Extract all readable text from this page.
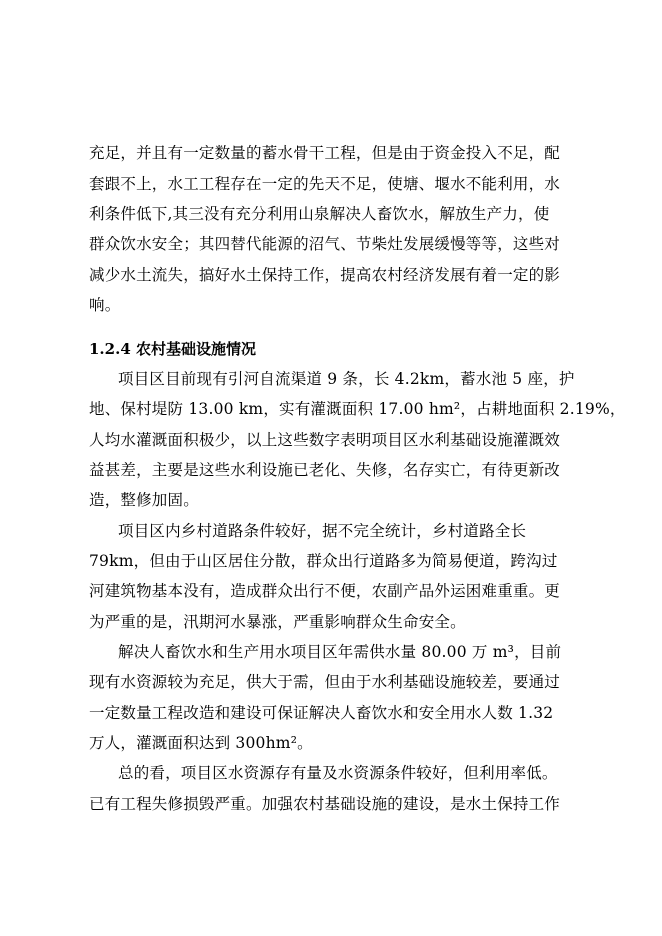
充足，并且有一定数量的蓄水骨干工程，但是由于资金投入不足，配
套跟不上，水工工程存在一定的先天不足，使塘、堰水不能利用，水
利条件低下,其三没有充分利用山泉解决人畜饮水，解放生产力，使
群众饮水安全；其四替代能源的沼气、节柴灶发展缓慢等等，这些对
减少水土流失，搞好水土保持工作，提高农村经济发展有着一定的影
响。
1.2.4 农村基础设施情况
项目区目前现有引河自流渠道 9 条，长 4.2km，蓄水池 5 座，护
地、保村堤防 13.00 km，实有灌溉面积 17.00 hm²，占耕地面积 2.19%，
人均水灌溉面积极少，以上这些数字表明项目区水利基础设施灌溉效
益甚差，主要是这些水利设施已老化、失修，名存实亡，有待更新改
造，整修加固。
项目区内乡村道路条件较好，据不完全统计，乡村道路全长
79km，但由于山区居住分散，群众出行道路多为简易便道，跨沟过
河建筑物基本没有，造成群众出行不便，农副产品外运困难重重。更
为严重的是，汛期河水暴涨，严重影响群众生命安全。
解决人畜饮水和生产用水项目区年需供水量 80.00 万 m³，目前
现有水资源较为充足，供大于需，但由于水利基础设施较差，要通过
一定数量工程改造和建设可保证解决人畜饮水和安全用水人数 1.32
万人，灌溉面积达到 300hm²。
总的看，项目区水资源存有量及水资源条件较好，但利用率低。
已有工程失修损毁严重。加强农村基础设施的建设，是水土保持工作
